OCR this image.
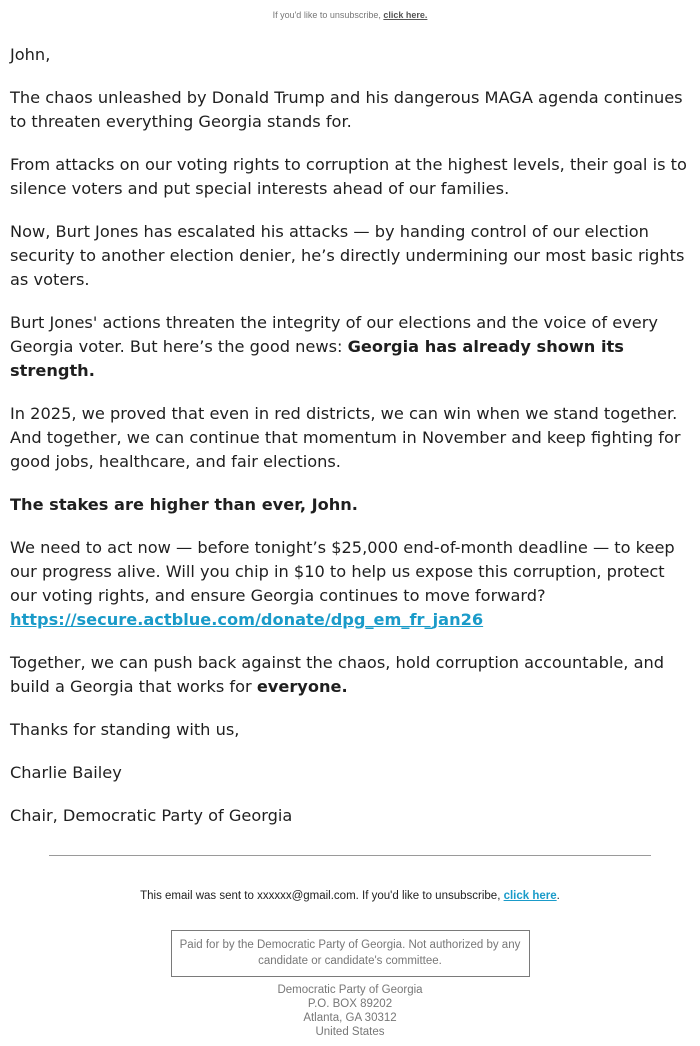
If you'd like to unsubscribe, click here.

John,

The chaos unleashed by Donald Trump and his dangerous MAGA agenda continues to threaten everything Georgia stands for.

From attacks on our voting rights to corruption at the highest levels, their goal is to silence voters and put special interests ahead of our families.

Now, Burt Jones has escalated his attacks — by handing control of our election security to another election denier, he’s directly undermining our most basic rights as voters.

Burt Jones' actions threaten the integrity of our elections and the voice of every Georgia voter. But here’s the good news: Georgia has already shown its strength.

In 2025, we proved that even in red districts, we can win when we stand together. And together, we can continue that momentum in November and keep fighting for good jobs, healthcare, and fair elections.

The stakes are higher than ever, John.

We need to act now — before tonight’s $25,000 end-of-month deadline — to keep our progress alive. Will you chip in $10 to help us expose this corruption, protect our voting rights, and ensure Georgia continues to move forward?
https://secure.actblue.com/donate/dpg_em_fr_jan26

Together, we can push back against the chaos, hold corruption accountable, and build a Georgia that works for everyone.

Thanks for standing with us,

Charlie Bailey

Chair, Democratic Party of Georgia

This email was sent to xxxxxx@gmail.com. If you'd like to unsubscribe, click here.
Paid for by the Democratic Party of Georgia. Not authorized by any candidate or candidate's committee.
Democratic Party of Georgia
P.O. BOX 89202
Atlanta, GA 30312
United States
